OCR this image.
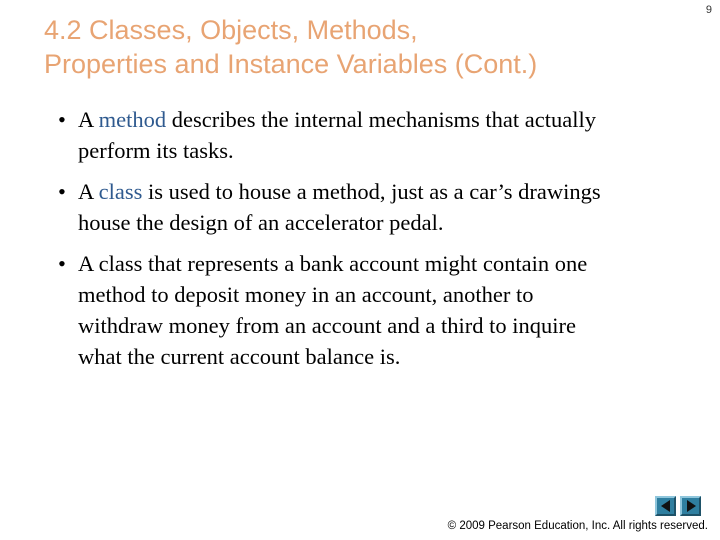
9
4.2 Classes, Objects, Methods,
Properties and Instance Variables (Cont.)
• A method describes the internal mechanisms that actually
perform its tasks.
• A class is used to house a method, just as a car’s drawings
house the design of an accelerator pedal.
• A class that represents a bank account might contain one
method to deposit money in an account, another to
withdraw money from an account and a third to inquire
what the current account balance is.
© 2009 Pearson Education, Inc. All rights reserved.
